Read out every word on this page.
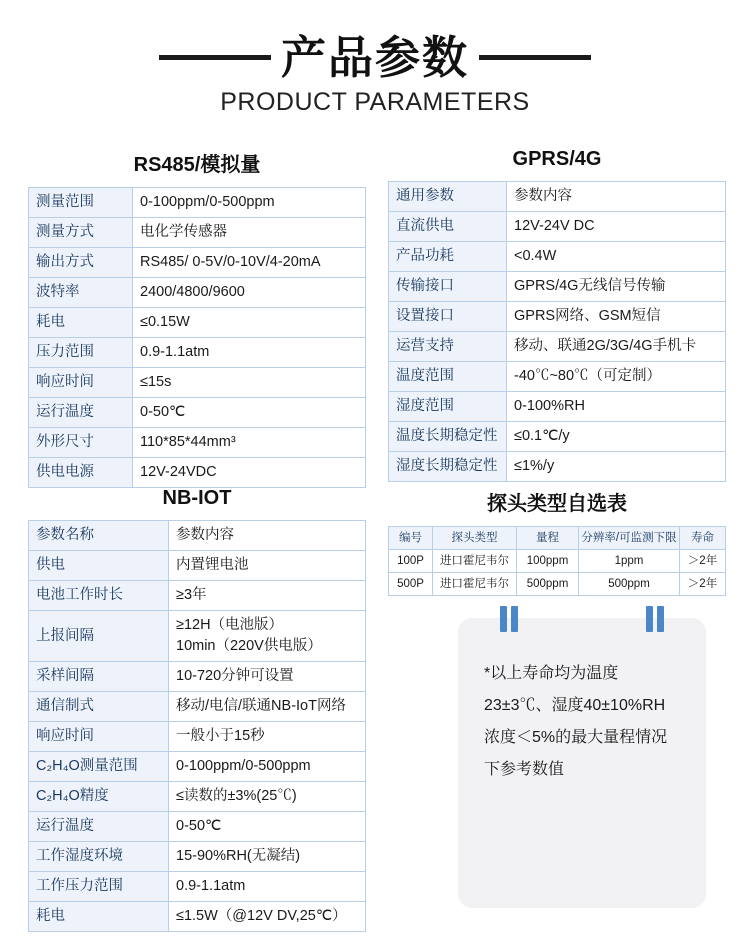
产品参数
PRODUCT PARAMETERS
RS485/模拟量
测量范围	0-100ppm/0-500ppm
测量方式	电化学传感器
输出方式	RS485/ 0-5V/0-10V/4-20mA
波特率	2400/4800/9600
耗电	≤0.15W
压力范围	0.9-1.1atm
响应时间	≤15s
运行温度	0-50℃
外形尺寸	110*85*44mm³
供电电源	12V-24VDC
GPRS/4G
通用参数	参数内容
直流供电	12V-24V DC
产品功耗	<0.4W
传输接口	GPRS/4G无线信号传输
设置接口	GPRS网络、GSM短信
运营支持	移动、联通2G/3G/4G手机卡
温度范围	-40℃~80℃（可定制）
湿度范围	0-100%RH
温度长期稳定性	≤0.1℃/y
湿度长期稳定性	≤1%/y
NB-IOT
参数名称	参数内容
供电	内置锂电池
电池工作时长	≥3年
上报间隔	≥12H（电池版）
10min（220V供电版）
采样间隔	10-720分钟可设置
通信制式	移动/电信/联通NB-IoT网络
响应时间	一般小于15秒
C₂H₄O测量范围	0-100ppm/0-500ppm
C₂H₄O精度	≤读数的±3%(25℃)
运行温度	0-50℃
工作湿度环境	15-90%RH(无凝结)
工作压力范围	0.9-1.1atm
耗电	≤1.5W（@12V DV,25℃）
探头类型自选表
编号	探头类型	量程	分辨率/可监测下限	寿命
100P	进口霍尼韦尔	100ppm	1ppm	＞2年
500P	进口霍尼韦尔	500ppm	500ppm	＞2年
*以上寿命均为温度23±3℃、湿度40±10%RH浓度＜5%的最大量程情况下参考数值
